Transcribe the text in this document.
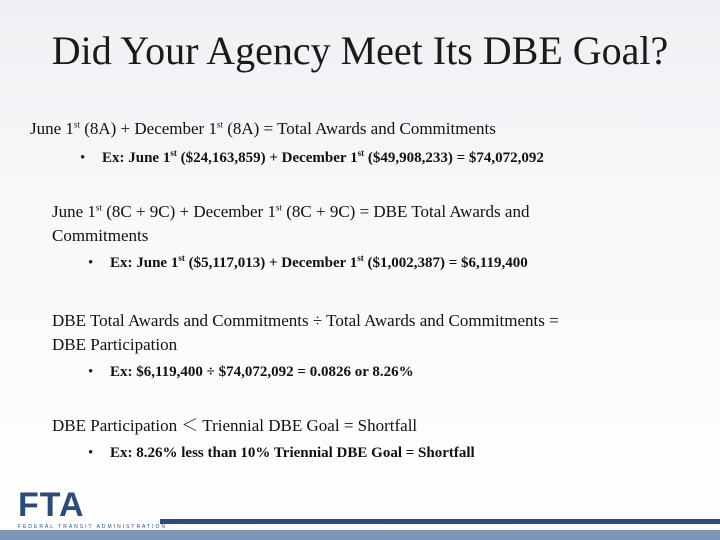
Did Your Agency Meet Its DBE Goal?
June 1st (8A) + December 1st (8A) = Total Awards and Commitments
• Ex: June 1st ($24,163,859) + December 1st ($49,908,233) = $74,072,092
June 1st (8C + 9C) + December 1st (8C + 9C) = DBE Total Awards and
Commitments
• Ex: June 1st ($5,117,013) + December 1st ($1,002,387) = $6,119,400
DBE Total Awards and Commitments ÷ Total Awards and Commitments =
DBE Participation
• Ex: $6,119,400 ÷ $74,072,092 = 0.0826 or 8.26%
DBE Participation ＜ Triennial DBE Goal = Shortfall
• Ex: 8.26% less than 10% Triennial DBE Goal = Shortfall
FTA
FEDERAL TRANSIT ADMINISTRATION
